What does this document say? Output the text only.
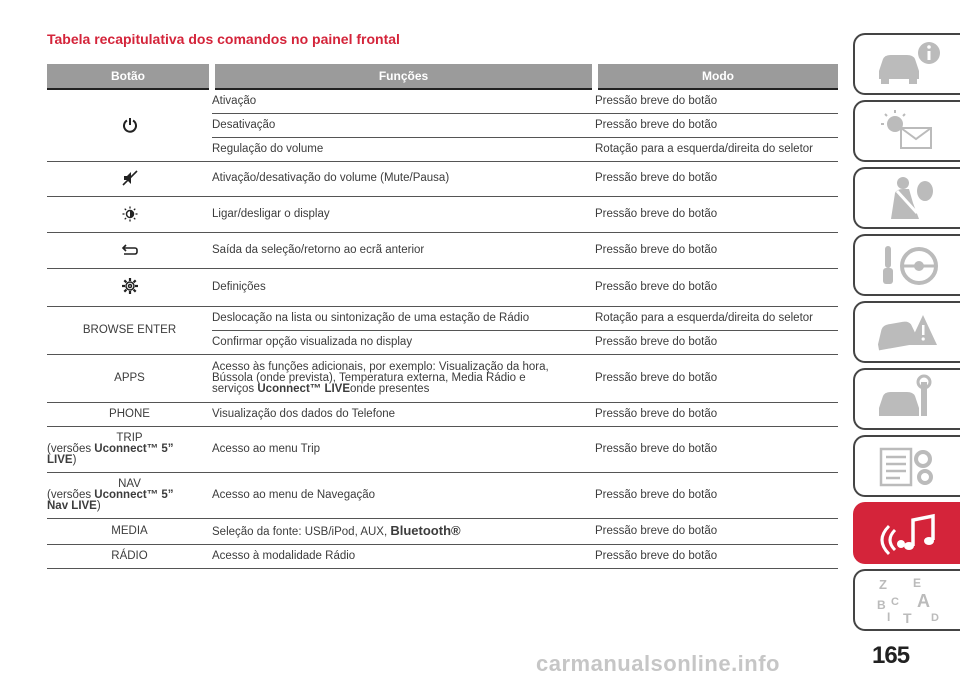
Tabela recapitulativa dos comandos no painel frontal
Botão	Funções	Modo

	Ativação	Pressão breve do botão
	Desativação	Pressão breve do botão
	Regulação do volume	Rotação para a esquerda/direita do seletor

	Ativação/desativação do volume (Mute/Pausa)	Pressão breve do botão

	Ligar/desligar o display	Pressão breve do botão

	Saída da seleção/retorno ao ecrã anterior	Pressão breve do botão

	Definições	Pressão breve do botão
BROWSE ENTER	Deslocação na lista ou sintonização de uma estação de Rádio	Rotação para a esquerda/direita do seletor
	Confirmar opção visualizada no display	Pressão breve do botão
APPS	Acesso às funções adicionais, por exemplo: Visualização da hora,
Bússola (onde prevista), Temperatura externa, Media Rádio e
serviços Uconnect™ LIVEonde presentes	Pressão breve do botão
PHONE	Visualização dos dados do Telefone	Pressão breve do botão

TRIP
(versões Uconnect™ 5”
LIVE)	Acesso ao menu Trip	Pressão breve do botão

NAV
(versões Uconnect™ 5”
Nav LIVE)	Acesso ao menu de Navegação	Pressão breve do botão
MEDIA	Seleção da fonte: USB/iPod, AUX, Bluetooth®	Pressão breve do botão
RÁDIO	Acesso à modalidade Rádio	Pressão breve do botão
Z E
B C A
I T D
165
carmanualsonline.info
